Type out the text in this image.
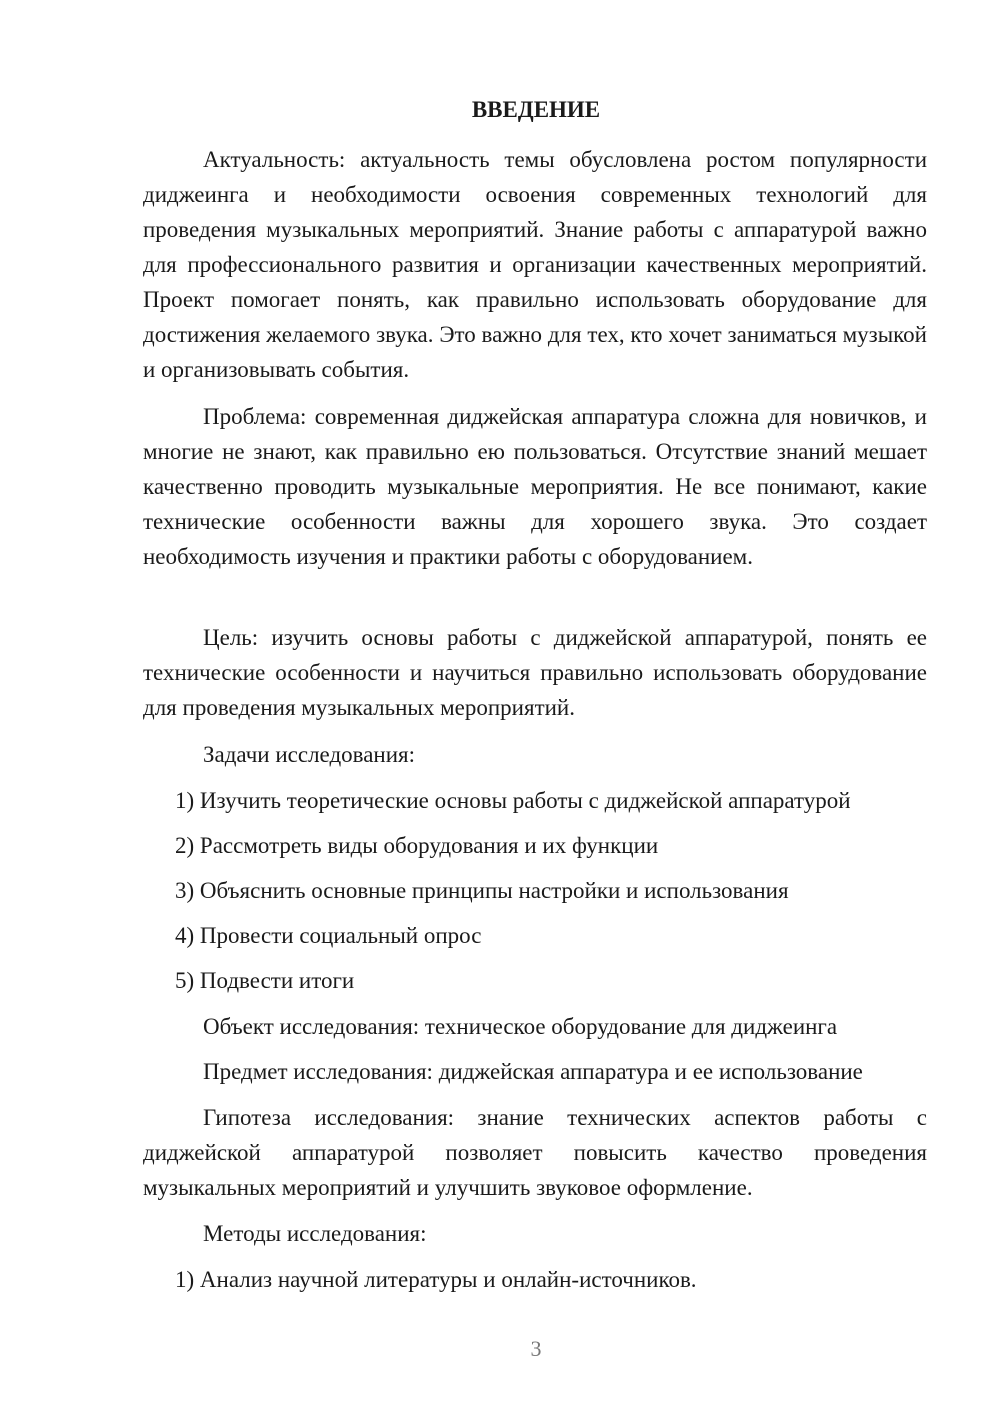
ВВЕДЕНИЕ

Актуальность: актуальность темы обусловлена ростом популярности диджеинга и необходимости освоения современных технологий для проведения музыкальных мероприятий. Знание работы с аппаратурой важно для профессионального развития и организации качественных мероприятий. Проект помогает понять, как правильно использовать оборудование для достижения желаемого звука. Это важно для тех, кто хочет заниматься музыкой и организовывать события.

Проблема: современная диджейская аппаратура сложна для новичков, и многие не знают, как правильно ею пользоваться. Отсутствие знаний мешает качественно проводить музыкальные мероприятия. Не все понимают, какие технические особенности важны для хорошего звука. Это создает необходимость изучения и практики работы с оборудованием.

Цель: изучить основы работы с диджейской аппаратурой, понять ее технические особенности и научиться правильно использовать оборудование для проведения музыкальных мероприятий.

Задачи исследования:

1) Изучить теоретические основы работы с диджейской аппаратурой

2) Рассмотреть виды оборудования и их функции

3) Объяснить основные принципы настройки и использования

4) Провести социальный опрос

5) Подвести итоги

Объект исследования: техническое оборудование для диджеинга

Предмет исследования: диджейская аппаратура и ее использование

Гипотеза исследования: знание технических аспектов работы с диджейской аппаратурой позволяет повысить качество проведения музыкальных мероприятий и улучшить звуковое оформление.

Методы исследования:

1) Анализ научной литературы и онлайн-источников.

3
